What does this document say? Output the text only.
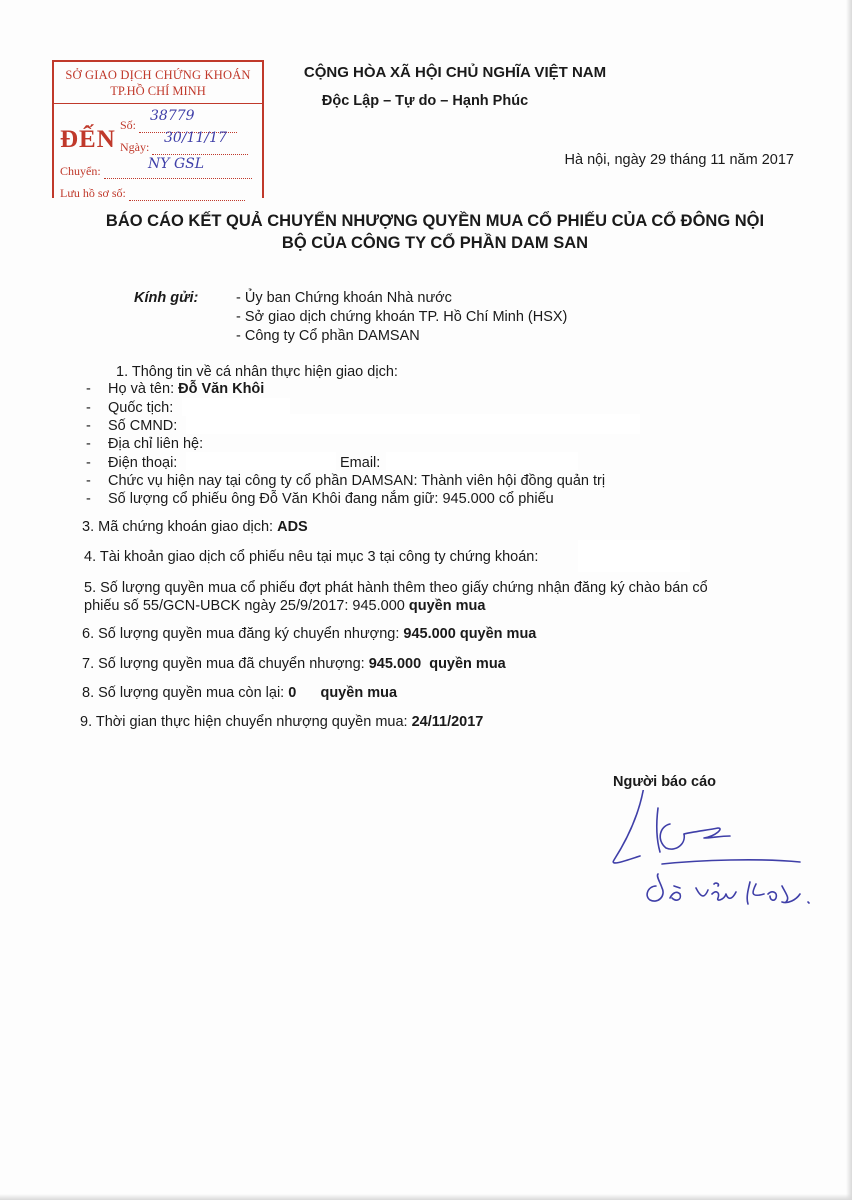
SỞ GIAO DỊCH CHỨNG KHOÁN
TP.HỒ CHÍ MINH
ĐẾN
Số:
38779
Ngày:
30/11/17
Chuyển:	NY GSL
Lưu hồ sơ số:
CỘNG HÒA XÃ HỘI CHỦ NGHĨA VIỆT NAM
Độc Lập – Tự do – Hạnh Phúc
Hà nội, ngày 29 tháng 11 năm 2017
BÁO CÁO KẾT QUẢ CHUYỂN NHƯỢNG QUYỀN MUA CỔ PHIẾU CỦA CỔ ĐÔNG NỘI
BỘ CỦA CÔNG TY CỔ PHẦN DAM SAN
Kính gửi:	- Ủy ban Chứng khoán Nhà nước
- Sở giao dịch chứng khoán TP. Hồ Chí Minh (HSX)
- Công ty Cổ phần DAMSAN
1. Thông tin về cá nhân thực hiện giao dịch:
- Họ và tên: Đỗ Văn Khôi
- Quốc tịch:
- Số CMND:
- Địa chỉ liên hệ:
- Điện thoại:	Email:
- Chức vụ hiện nay tại công ty cổ phần DAMSAN: Thành viên hội đồng quản trị
- Số lượng cổ phiếu ông Đỗ Văn Khôi đang nắm giữ: 945.000 cổ phiếu
3. Mã chứng khoán giao dịch: ADS
4. Tài khoản giao dịch cổ phiếu nêu tại mục 3 tại công ty chứng khoán:
5. Số lượng quyền mua cổ phiếu đợt phát hành thêm theo giấy chứng nhận đăng ký chào bán cổ
phiếu số 55/GCN-UBCK ngày 25/9/2017: 945.000 quyền mua
6. Số lượng quyền mua đăng ký chuyển nhượng: 945.000 quyền mua
7. Số lượng quyền mua đã chuyển nhượng: 945.000  quyền mua
8. Số lượng quyền mua còn lại: 0      quyền mua
9. Thời gian thực hiện chuyển nhượng quyền mua: 24/11/2017
Người báo cáo
